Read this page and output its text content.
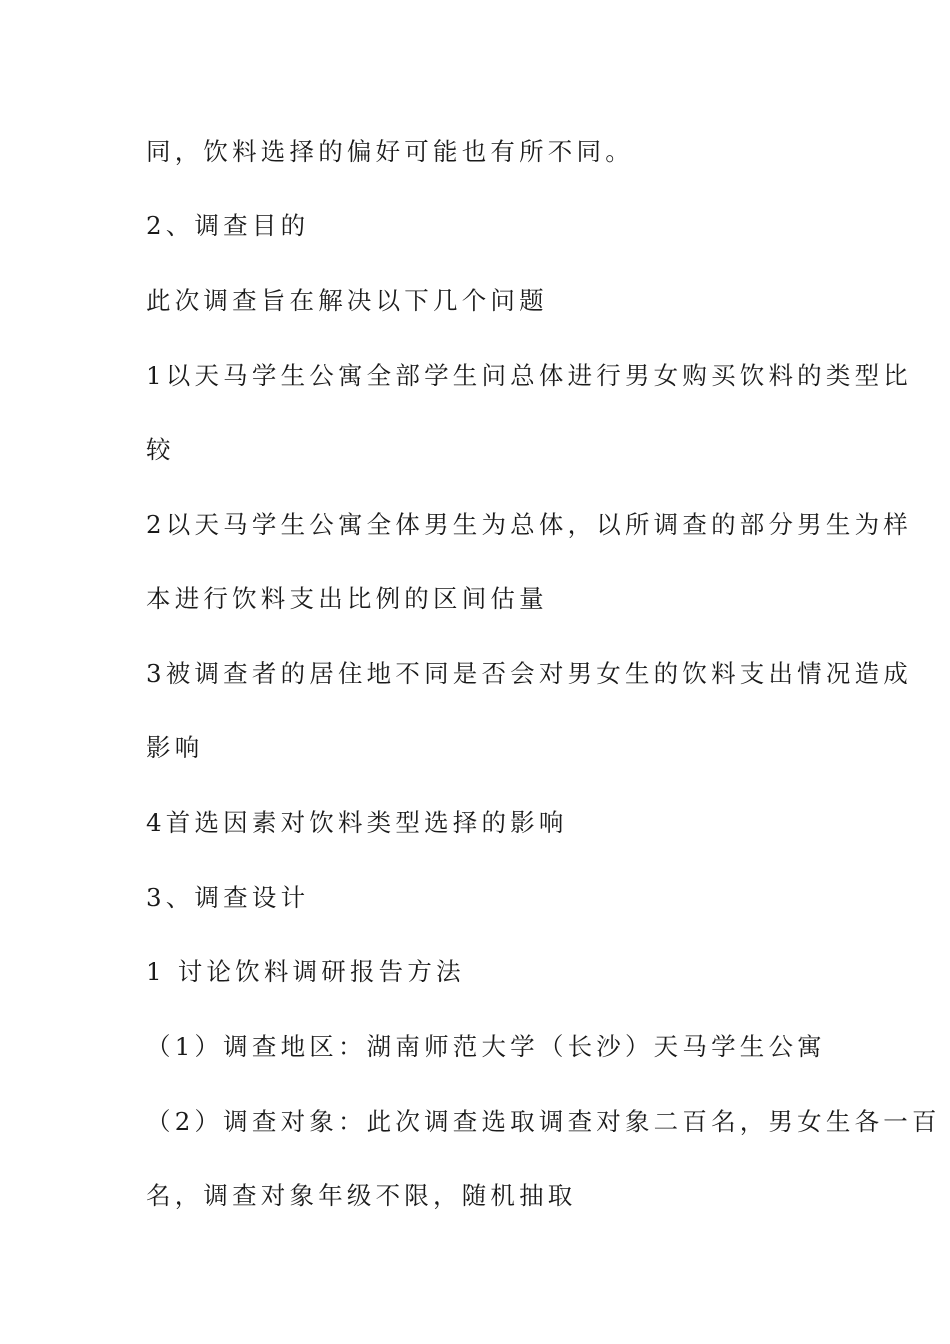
同，饮料选择的偏好可能也有所不同。
2、调查目的
此次调查旨在解决以下几个问题
1以天马学生公寓全部学生问总体进行男女购买饮料的类型比
较
2以天马学生公寓全体男生为总体，以所调查的部分男生为样
本进行饮料支出比例的区间估量
3被调查者的居住地不同是否会对男女生的饮料支出情况造成
影响
4首选因素对饮料类型选择的影响
3、调查设计
1 讨论饮料调研报告方法
（1）调查地区：湖南师范大学（长沙）天马学生公寓
（2）调查对象：此次调查选取调查对象二百名，男女生各一百
名，调查对象年级不限，随机抽取
